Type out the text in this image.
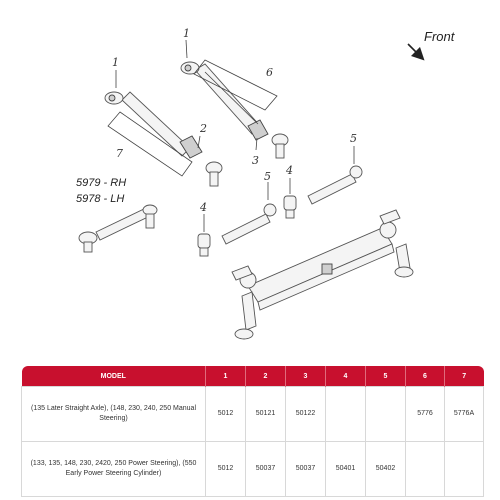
Front
1
1
2
3
4
4
5
5
6
7
5979 - RH
5978 - LH
MODEL	1	2	3	4	5	6	7
(135 Later Straight Axle), (148, 230, 240, 250 Manual Steering)	5012	50121	50122			5776	5776A
(133, 135, 148, 230, 2420, 250 Power Steering), (550 Early Power Steering Cylinder)	5012	50037	50037	50401	50402		
